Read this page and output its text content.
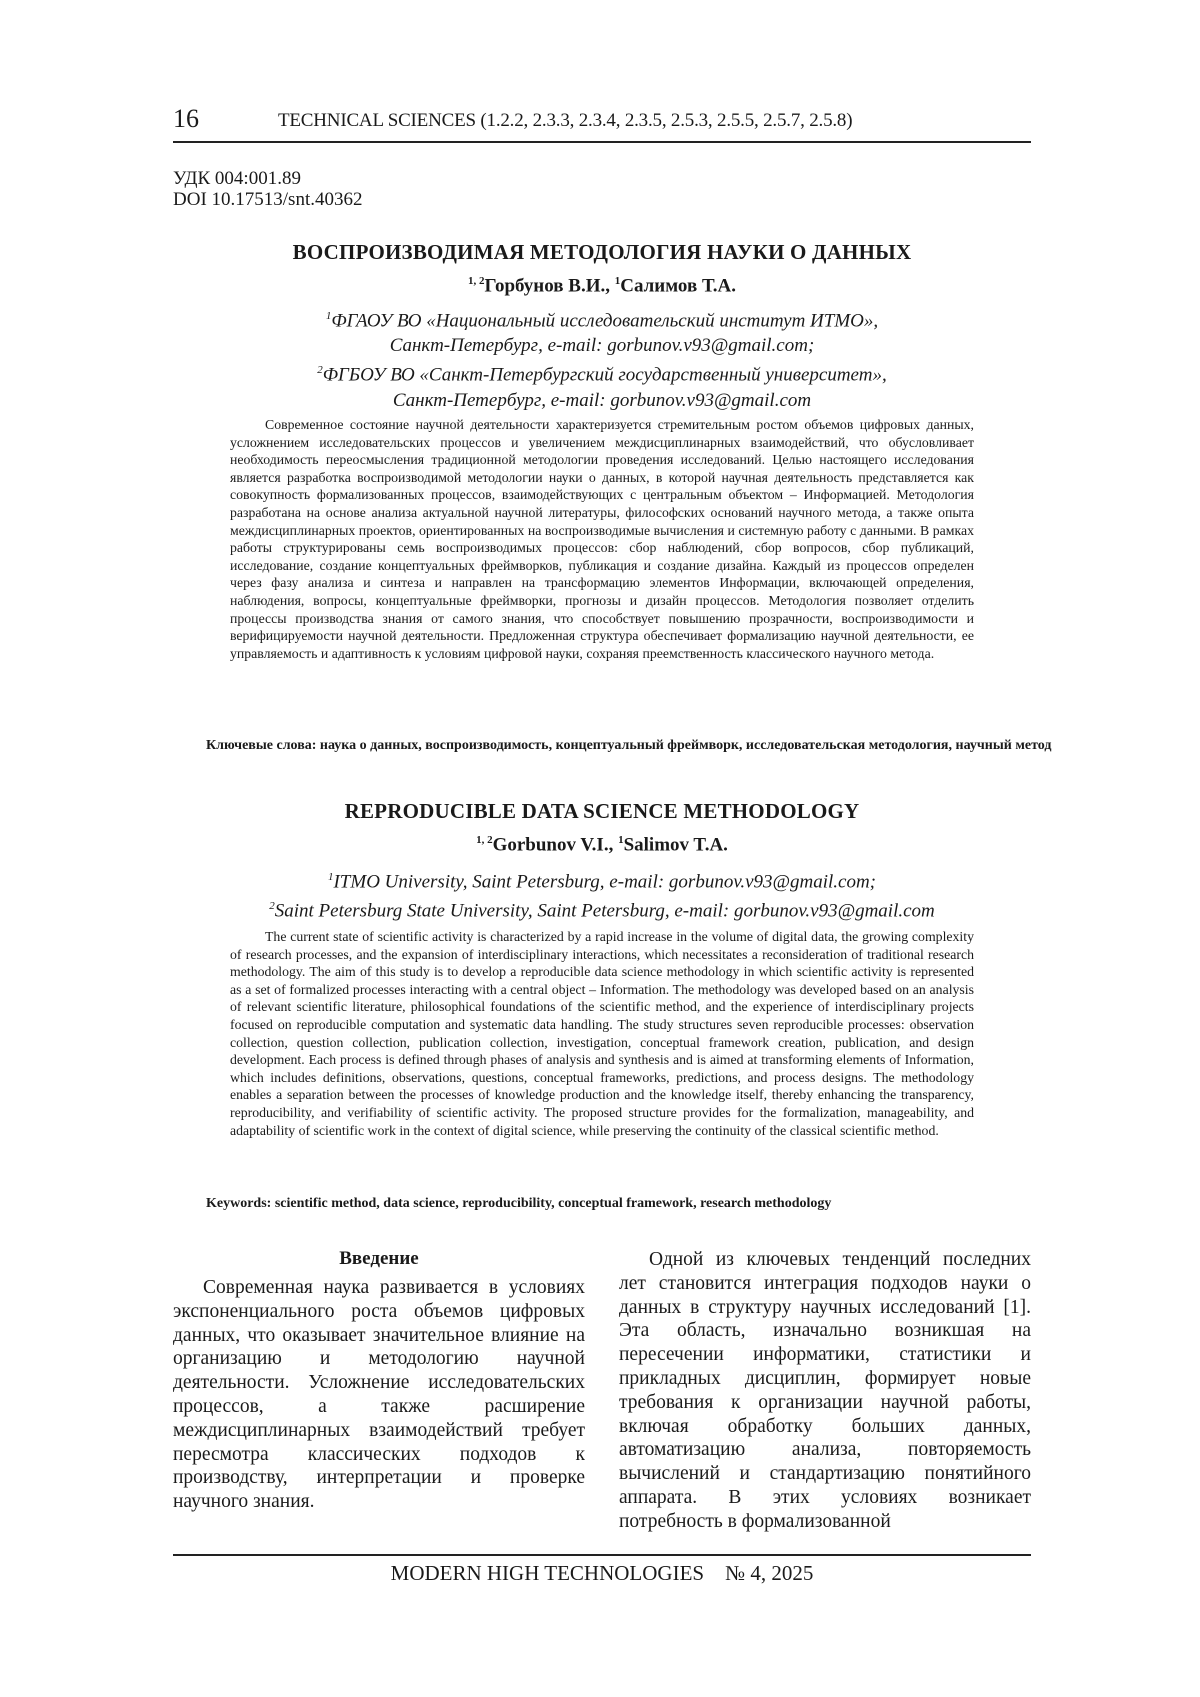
16	TECHNICAL SCIENCES (1.2.2, 2.3.3, 2.3.4, 2.3.5, 2.5.3, 2.5.5, 2.5.7, 2.5.8)
УДК 004:001.89
DOI 10.17513/snt.40362
ВОСПРОИЗВОДИМАЯ МЕТОДОЛОГИЯ НАУКИ О ДАННЫХ
$^{1, 2}$Горбунов В.И., $^1$Салимов Т.А.
$^1$ФГАОУ ВО «Национальный исследовательский институт ИТМО»,
Санкт-Петербург, e-mail: gorbunov.v93@gmail.com;
$^2$ФГБОУ ВО «Санкт-Петербургский государственный университет»,
Санкт-Петербург, e-mail: gorbunov.v93@gmail.com

Современное состояние научной деятельности характеризуется стремительным ростом объемов цифровых данных, усложнением исследовательских процессов и увеличением междисциплинарных взаимодействий, что обусловливает необходимость переосмысления традиционной методологии проведения исследований. Целью настоящего исследования является разработка воспроизводимой методологии науки о данных, в которой научная деятельность представляется как совокупность формализованных процессов, взаимодействующих с центральным объектом – Информацией. Методология разработана на основе анализа актуальной научной литературы, философских оснований научного метода, а также опыта междисциплинарных проектов, ориентированных на воспроизводимые вычисления и системную работу с данными. В рамках работы структурированы семь воспроизводимых процессов: сбор наблюдений, сбор вопросов, сбор публикаций, исследование, создание концептуальных фреймворков, публикация и создание дизайна. Каждый из процессов определен через фазу анализа и синтеза и направлен на трансформацию элементов Информации, включающей определения, наблюдения, вопросы, концептуальные фреймворки, прогнозы и дизайн процессов. Методология позволяет отделить процессы производства знания от самого знания, что способствует повышению прозрачности, воспроизводимости и верифицируемости научной деятельности. Предложенная структура обеспечивает формализацию научной деятельности, ее управляемость и адаптивность к условиям цифровой науки, сохраняя преемственность классического научного метода.

Ключевые слова: наука о данных, воспроизводимость, концептуальный фреймворк, исследовательская методология, научный метод
REPRODUCIBLE DATA SCIENCE METHODOLOGY
$^{1, 2}$Gorbunov V.I., $^1$Salimov T.A.
$^1$ITMO University, Saint Petersburg, e-mail: gorbunov.v93@gmail.com;
$^2$Saint Petersburg State University, Saint Petersburg, e-mail: gorbunov.v93@gmail.com

The current state of scientific activity is characterized by a rapid increase in the volume of digital data, the growing complexity of research processes, and the expansion of interdisciplinary interactions, which necessitates a reconsideration of traditional research methodology. The aim of this study is to develop a reproducible data science methodology in which scientific activity is represented as a set of formalized processes interacting with a central object – Information. The methodology was developed based on an analysis of relevant scientific literature, philosophical foundations of the scientific method, and the experience of interdisciplinary projects focused on reproducible computation and systematic data handling. The study structures seven reproducible processes: observation collection, question collection, publication collection, investigation, conceptual framework creation, publication, and design development. Each process is defined through phases of analysis and synthesis and is aimed at transforming elements of Information, which includes definitions, observations, questions, conceptual frameworks, predictions, and process designs. The methodology enables a separation between the processes of knowledge production and the knowledge itself, thereby enhancing the transparency, reproducibility, and verifiability of scientific activity. The proposed structure provides for the formalization, manageability, and adaptability of scientific work in the context of digital science, while preserving the continuity of the classical scientific method.

Keywords: scientific method, data science, reproducibility, conceptual framework, research methodology
Введение

Современная наука развивается в условиях экспоненциального роста объемов цифровых данных, что оказывает значительное влияние на организацию и методологию научной деятельности. Усложнение исследовательских процессов, а также расширение междисциплинарных взаимодействий требует пересмотра классических подходов к производству, интерпретации и проверке научного знания.

Одной из ключевых тенденций последних лет становится интеграция подходов науки о данных в структуру научных исследований [1]. Эта область, изначально возникшая на пересечении информатики, статистики и прикладных дисциплин, формирует новые требования к организации научной работы, включая обработку больших данных, автоматизацию анализа, повторяемость вычислений и стандартизацию понятийного аппарата. В этих условиях возникает потребность в формализованной

MODERN HIGH TECHNOLOGIES    № 4, 2025
